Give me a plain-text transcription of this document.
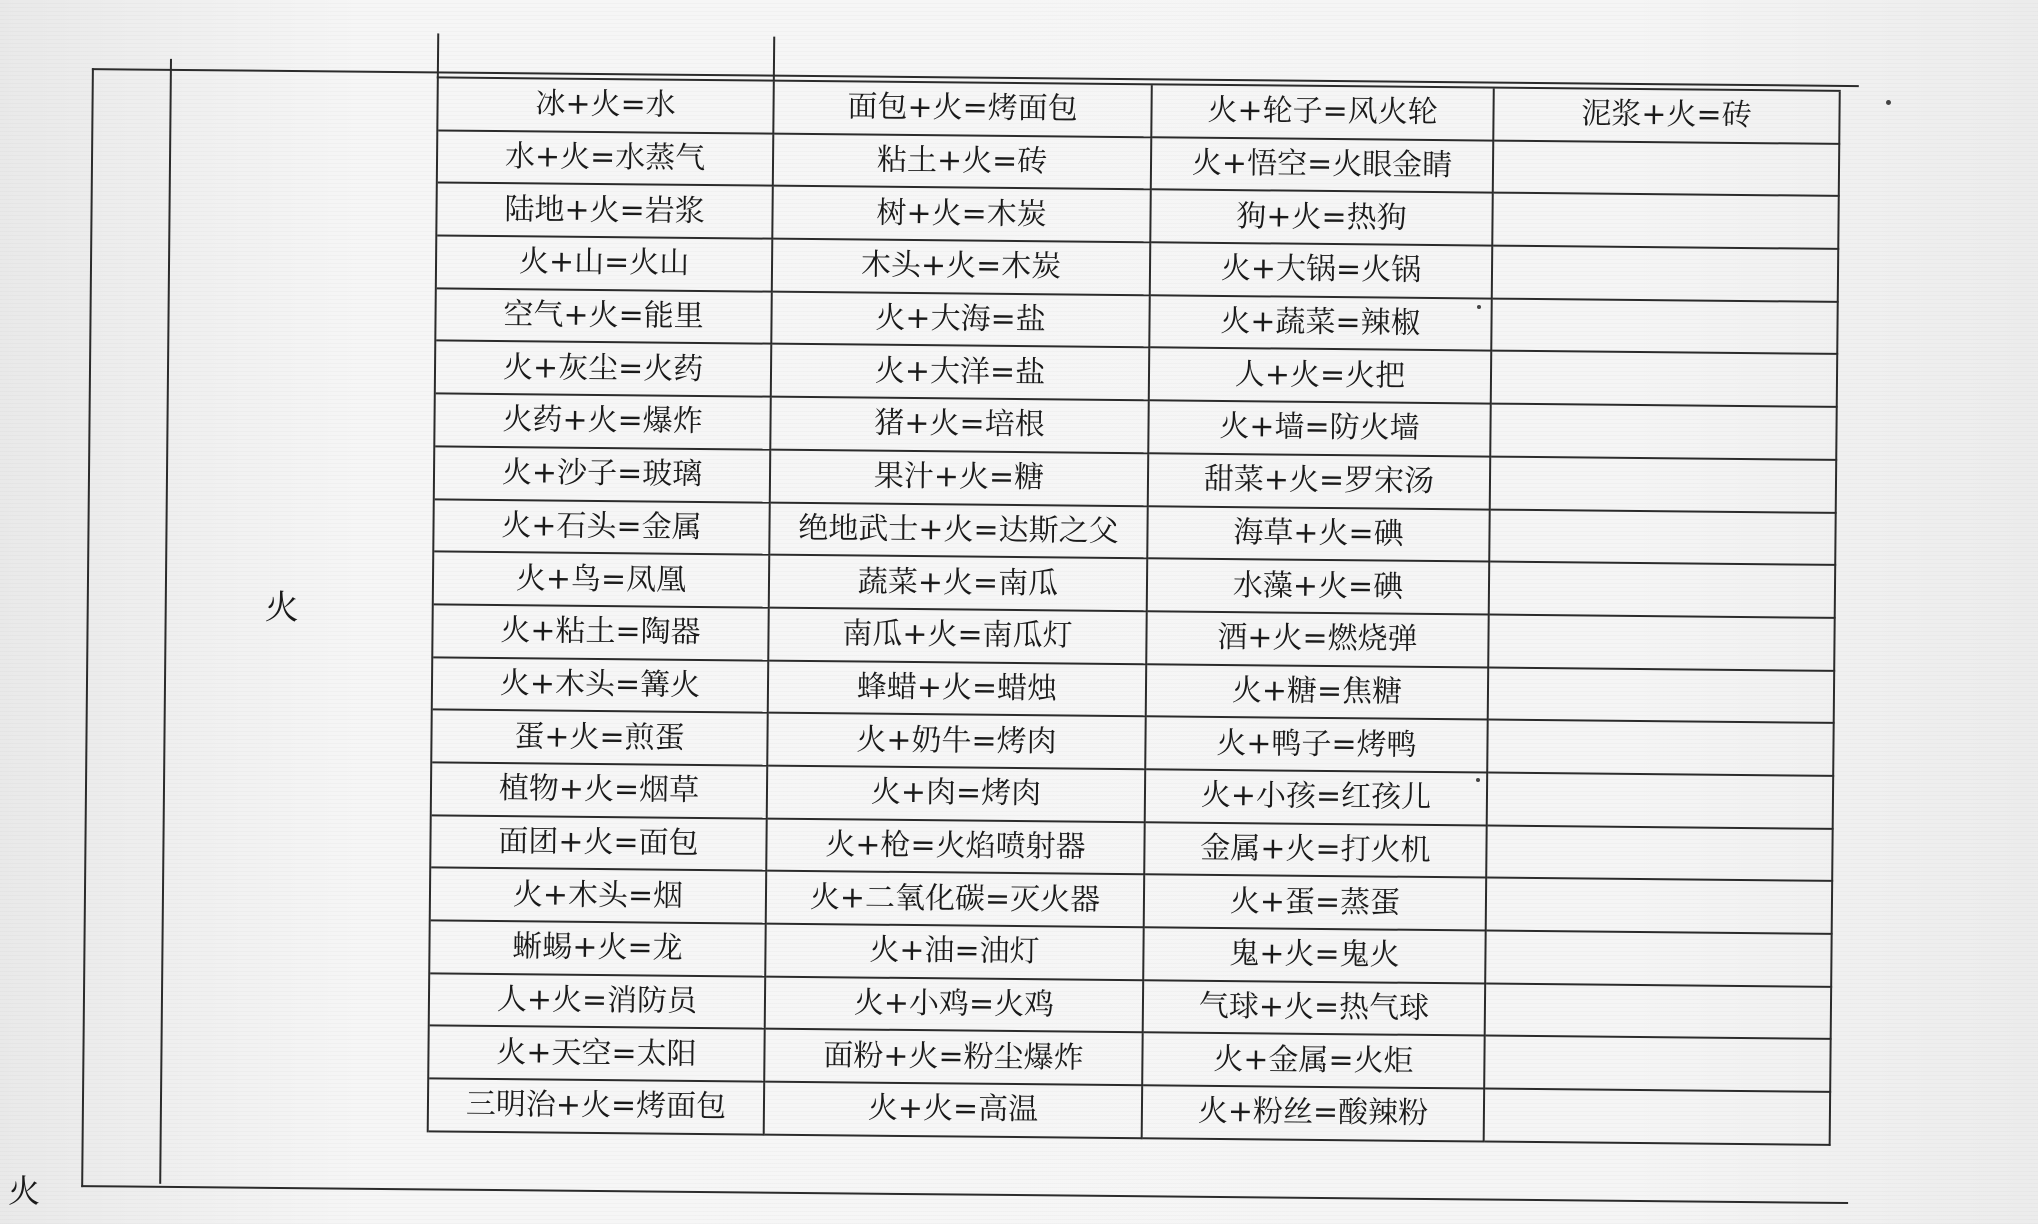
火
冰+火=水	面包+火=烤面包	火+轮子=风火轮	泥浆+火=砖
水+火=水蒸气	粘土+火=砖	火+悟空=火眼金睛
陆地+火=岩浆	树+火=木炭	狗+火=热狗
火+山=火山	木头+火=木炭	火+大锅=火锅
空气+火=能里	火+大海=盐	火+蔬菜=辣椒
火+灰尘=火药	火+大洋=盐	人+火=火把
火药+火=爆炸	猪+火=培根	火+墙=防火墙
火+沙子=玻璃	果汁+火=糖	甜菜+火=罗宋汤
火+石头=金属	绝地武士+火=达斯之父	海草+火=碘
火+鸟=凤凰	蔬菜+火=南瓜	水藻+火=碘
火+粘土=陶器	南瓜+火=南瓜灯	酒+火=燃烧弹
火+木头=篝火	蜂蜡+火=蜡烛	火+糖=焦糖
蛋+火=煎蛋	火+奶牛=烤肉	火+鸭子=烤鸭
植物+火=烟草	火+肉=烤肉	火+小孩=红孩儿
面团+火=面包	火+枪=火焰喷射器	金属+火=打火机
火+木头=烟	火+二氧化碳=灭火器	火+蛋=蒸蛋
蜥蜴+火=龙	火+油=油灯	鬼+火=鬼火
人+火=消防员	火+小鸡=火鸡	气球+火=热气球
火+天空=太阳	面粉+火=粉尘爆炸	火+金属=火炬
三明治+火=烤面包	火+火=高温	火+粉丝=酸辣粉
火
